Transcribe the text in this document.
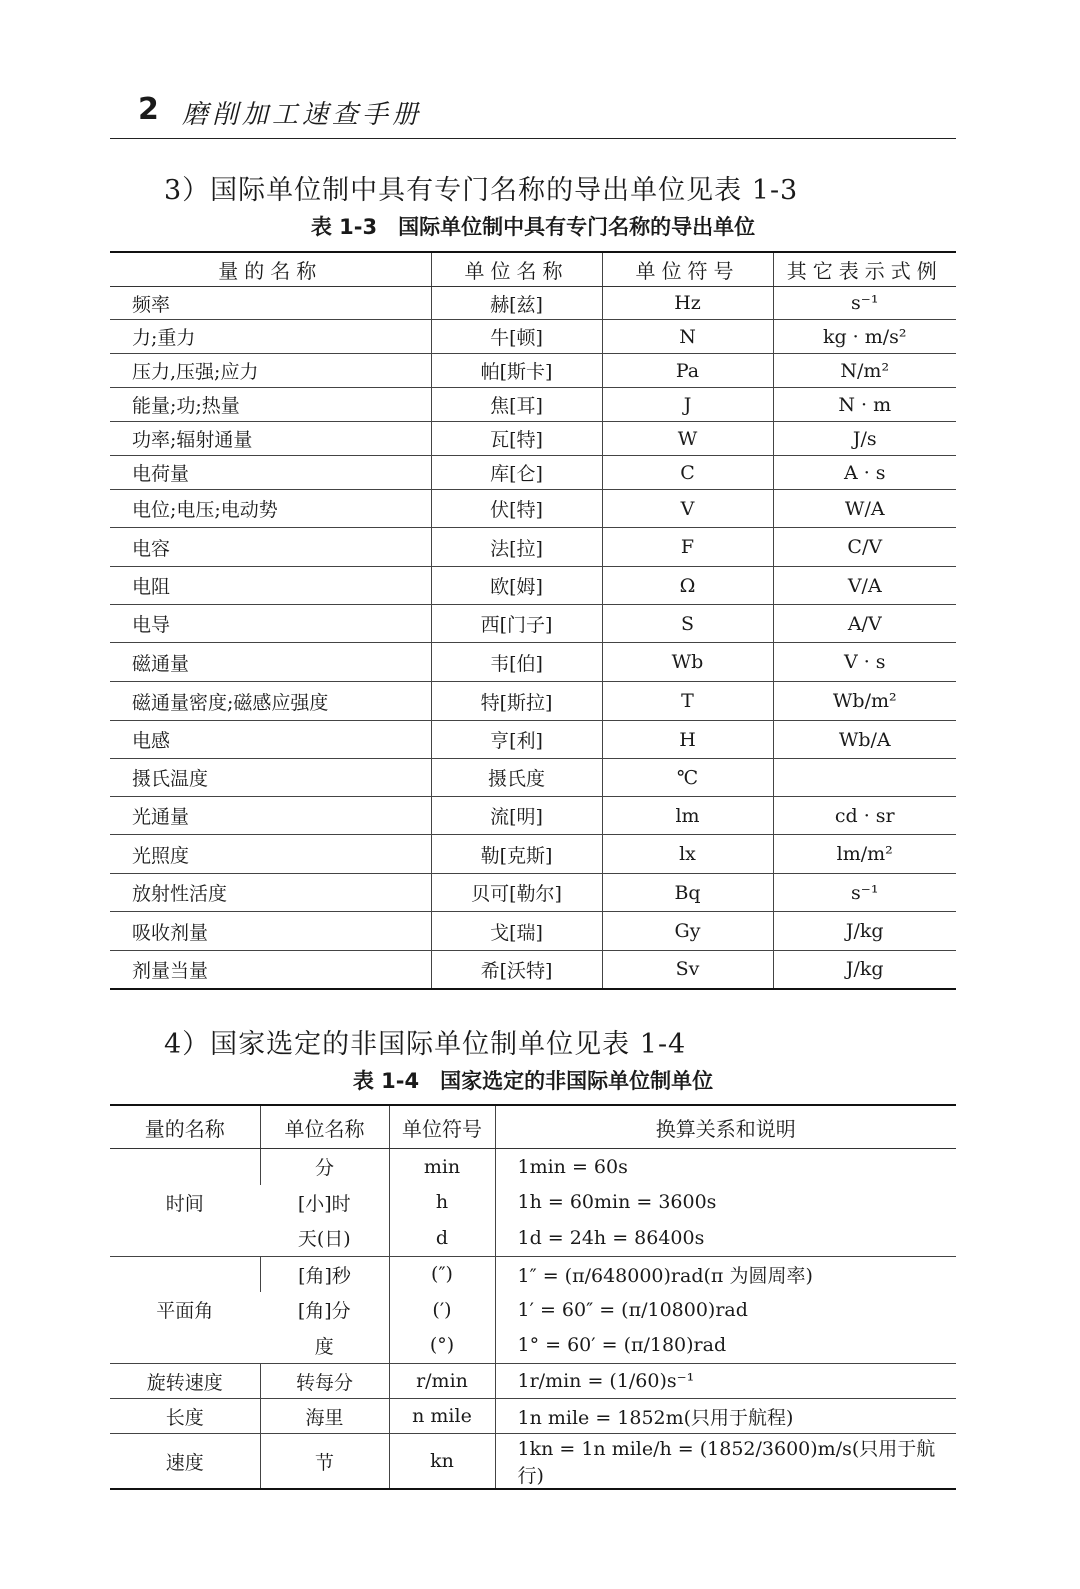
2 磨削加工速查手册
3）国际单位制中具有专门名称的导出单位见表 1-3
表 1-3　国际单位制中具有专门名称的导出单位
量的名称	单位名称	单位符号	其它表示式例
频率	赫[兹]	Hz	s⁻¹
力;重力	牛[顿]	N	kg · m/s²
压力,压强;应力	帕[斯卡]	Pa	N/m²
能量;功;热量	焦[耳]	J	N · m
功率;辐射通量	瓦[特]	W	J/s
电荷量	库[仑]	C	A · s
电位;电压;电动势	伏[特]	V	W/A
电容	法[拉]	F	C/V
电阻	欧[姆]	Ω	V/A
电导	西[门子]	S	A/V
磁通量	韦[伯]	Wb	V · s
磁通量密度;磁感应强度	特[斯拉]	T	Wb/m²
电感	亨[利]	H	Wb/A
摄氏温度	摄氏度	℃	
光通量	流[明]	lm	cd · sr
光照度	勒[克斯]	lx	lm/m²
放射性活度	贝可[勒尔]	Bq	s⁻¹
吸收剂量	戈[瑞]	Gy	J/kg
剂量当量	希[沃特]	Sv	J/kg
4）国家选定的非国际单位制单位见表 1-4
表 1-4　国家选定的非国际单位制单位
量的名称	单位名称	单位符号	换算关系和说明
时间	分	min	1min = 60s
	[小]时	h	1h = 60min = 3600s
	天(日)	d	1d = 24h = 86400s
平面角	[角]秒	(″)	1″ = (π/648000)rad(π 为圆周率)
	[角]分	(′)	1′ = 60″ = (π/10800)rad
	度	(°)	1° = 60′ = (π/180)rad
旋转速度	转每分	r/min	1r/min = (1/60)s⁻¹
长度	海里	n mile	1n mile = 1852m(只用于航程)
速度	节	kn	1kn = 1n mile/h = (1852/3600)m/s(只用于航行)
